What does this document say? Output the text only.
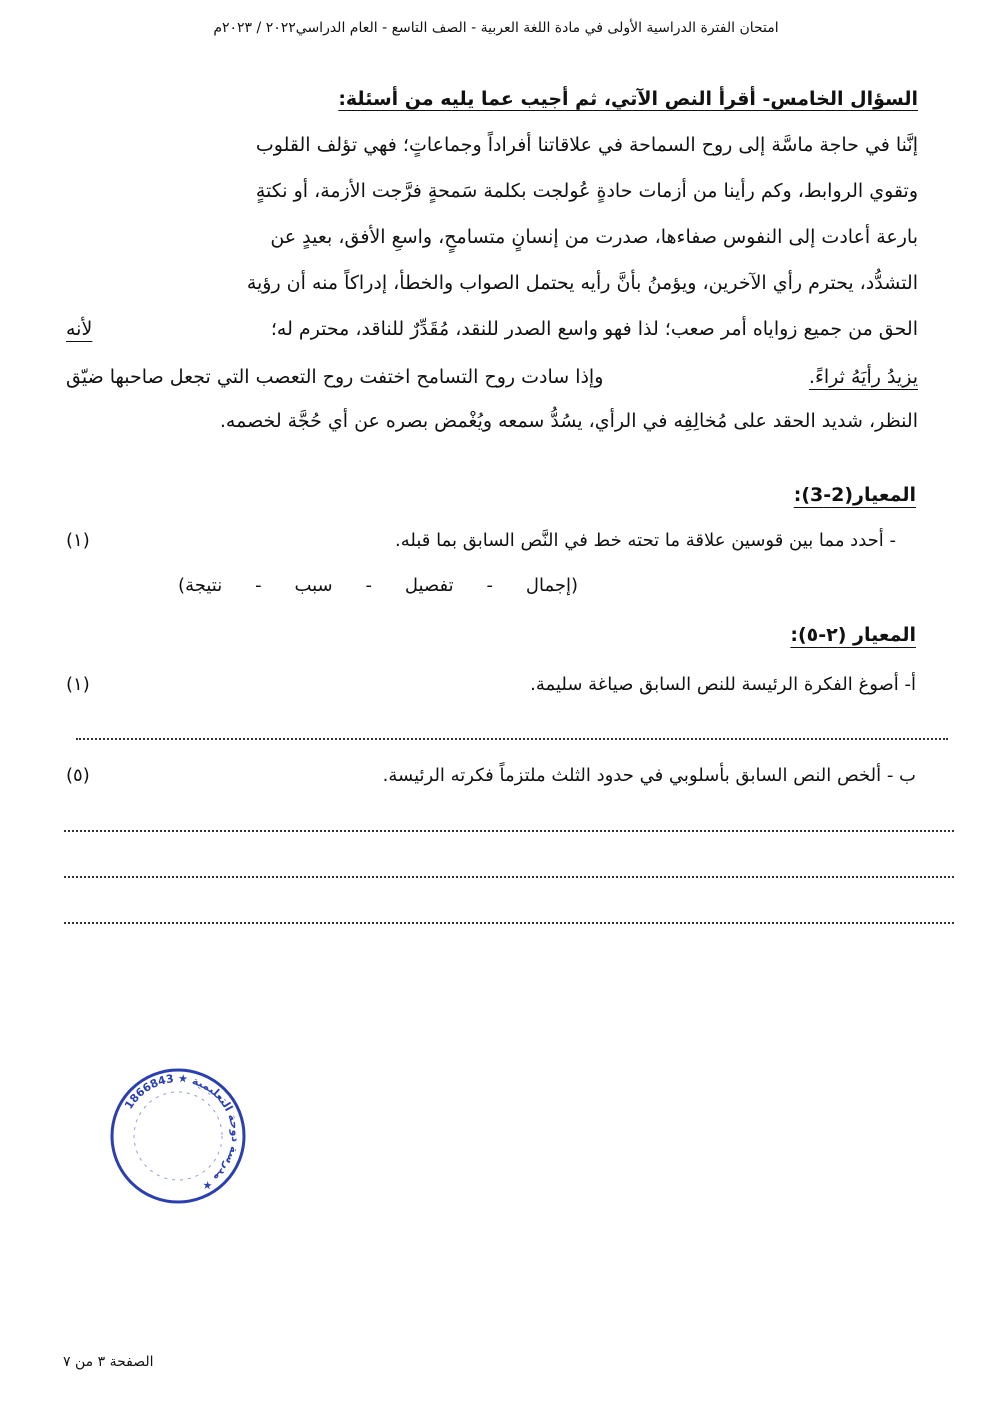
امتحان الفترة الدراسية الأولى في مادة اللغة العربية - الصف التاسع - العام الدراسي٢٠٢٢ / ٢٠٢٣م
السؤال الخامس- أقرأ النص الآتي، ثم أجيب عما يليه من أسئلة:
إنَّنا في حاجة ماسَّة إلى روح السماحة في علاقاتنا أفراداً وجماعاتٍ؛ فهي تؤلف القلوب
وتقوي الروابط، وكم رأينا من أزمات حادةٍ عُولجت بكلمة سَمحةٍ فرَّجت الأزمة، أو نكتةٍ
بارعة أعادت إلى النفوس صفاءها، صدرت من إنسانٍ متسامحٍ، واسعِ الأفق، بعيدٍ عن
التشدُّد، يحترم رأي الآخرين، ويؤمنُ بأنَّ رأيه يحتمل الصواب والخطأ، إدراكاً منه أن رؤية
الحق من جميع زواياه أمر صعب؛ لذا فهو واسع الصدر للنقد، مُقَدِّرٌ للناقد، محترم له؛
لأنه
يزيدُ رأيَهُ ثراءً.
وإذا سادت روح التسامح اختفت روح التعصب التي تجعل صاحبها ضيّق
النظر، شديد الحقد على مُخالِفِه في الرأي، يسُدُّ سمعه ويُغْمض بصره عن أي حُجَّة لخصمه.
المعيار(2-3):
- أحدد مما بين قوسين علاقة ما تحته خط في النَّص السابق بما قبله.
(١)
(إجمال
-
تفصيل
-
سبب
-
نتيجة)
المعيار (٢-٥):
أ- أصوغ الفكرة الرئيسة للنص السابق صياغة سليمة.
(١)
ب - ألخص النص السابق بأسلوبي في حدود الثلث ملتزماً فكرته الرئيسة.
(٥)
مدرسة دوحة التعليمية ★ 1866843 ★
الصفحة ٣ من ٧
